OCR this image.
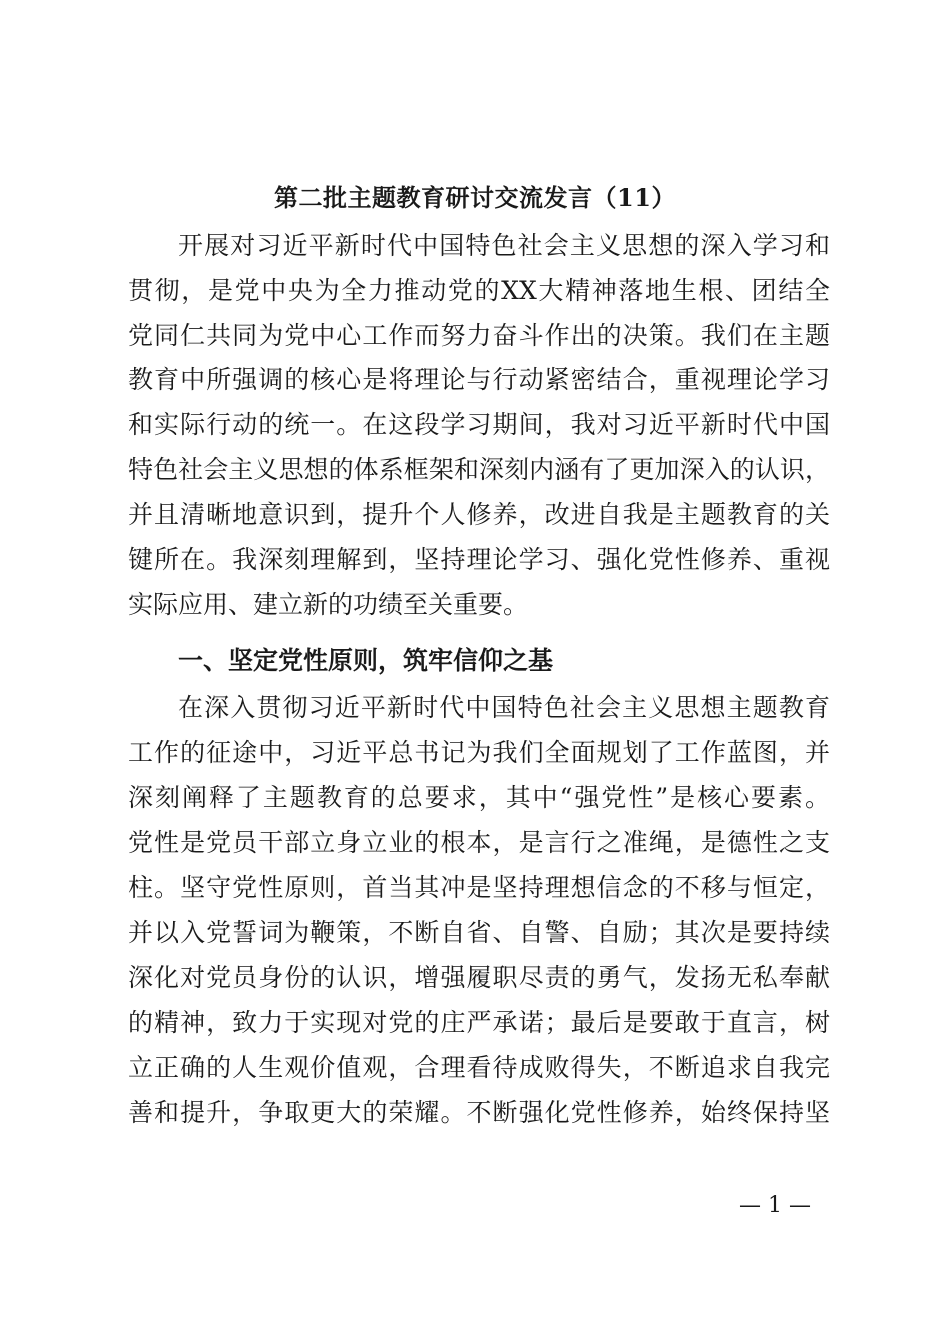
第二批主题教育研讨交流发言（11）
开展对习近平新时代中国特色社会主义思想的深入学习和
贯彻，是党中央为全力推动党的XX大精神落地生根、团结全
党同仁共同为党中心工作而努力奋斗作出的决策。我们在主题
教育中所强调的核心是将理论与行动紧密结合，重视理论学习
和实际行动的统一。在这段学习期间，我对习近平新时代中国
特色社会主义思想的体系框架和深刻内涵有了更加深入的认识，
并且清晰地意识到，提升个人修养，改进自我是主题教育的关
键所在。我深刻理解到，坚持理论学习、强化党性修养、重视
实际应用、建立新的功绩至关重要。
一、坚定党性原则，筑牢信仰之基
在深入贯彻习近平新时代中国特色社会主义思想主题教育
工作的征途中，习近平总书记为我们全面规划了工作蓝图，并
深刻阐释了主题教育的总要求，其中“强党性”是核心要素。
党性是党员干部立身立业的根本，是言行之准绳，是德性之支
柱。坚守党性原则，首当其冲是坚持理想信念的不移与恒定，
并以入党誓词为鞭策，不断自省、自警、自励；其次是要持续
深化对党员身份的认识，增强履职尽责的勇气，发扬无私奉献
的精神，致力于实现对党的庄严承诺；最后是要敢于直言，树
立正确的人生观价值观，合理看待成败得失，不断追求自我完
善和提升，争取更大的荣耀。不断强化党性修养，始终保持坚
— 1 —
